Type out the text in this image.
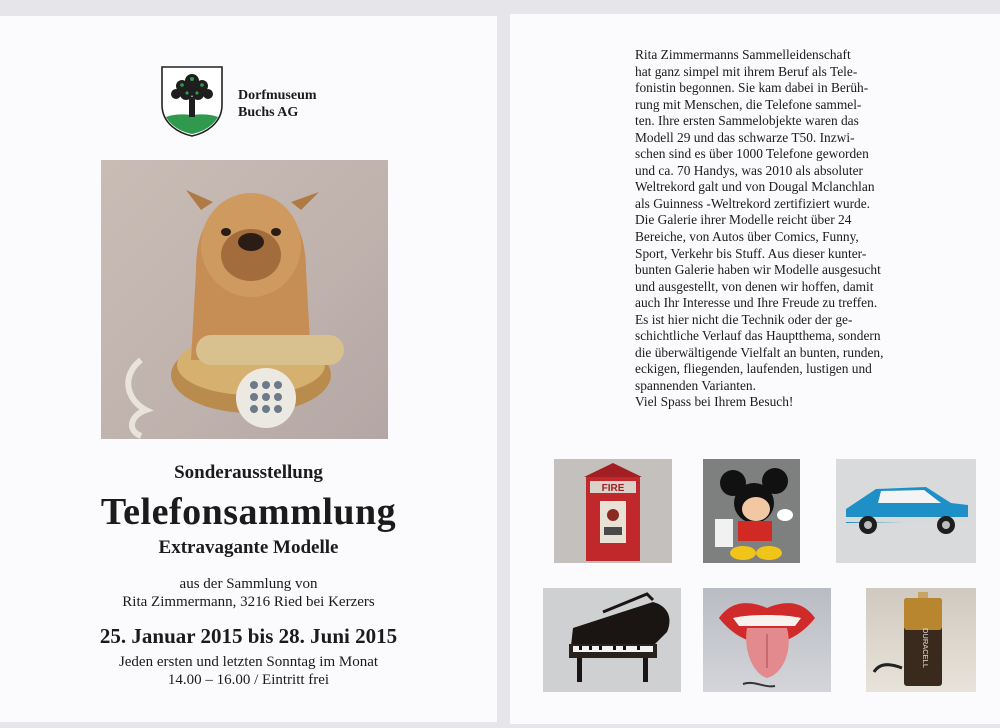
Dorfmuseum
Buchs AG
Sonderausstellung
Telefonsammlung
Extravagante Modelle
aus der Sammlung von
Rita Zimmermann, 3216 Ried bei Kerzers
25. Januar 2015 bis 28. Juni 2015
Jeden ersten und letzten Sonntag im Monat
14.00 – 16.00 / Eintritt frei
Rita Zimmermanns Sammelleidenschaft
hat ganz simpel mit ihrem Beruf als Tele-
fonistin begonnen. Sie kam dabei in Berüh-
rung mit Menschen, die Telefone sammel-
ten. Ihre ersten Sammelobjekte waren das
Modell 29 und das schwarze T50. Inzwi-
schen sind es über 1000 Telefone geworden
und ca. 70 Handys, was 2010 als absoluter
Weltrekord galt und von Dougal Mclanchlan
als Guinness -Weltrekord zertifiziert wurde.
Die Galerie ihrer Modelle reicht über 24
Bereiche, von Autos über Comics, Funny,
Sport, Verkehr bis Stuff. Aus dieser kunter-
bunten Galerie haben wir Modelle ausgesucht
und ausgestellt, von denen wir hoffen, damit
auch Ihr Interesse und Ihre Freude zu treffen.
Es ist hier nicht die Technik oder der ge-
schichtliche Verlauf das Hauptthema, sondern
die überwältigende Vielfalt an bunten, runden,
eckigen, fliegenden, laufenden, lustigen und
spannenden Varianten.
Viel Spass bei Ihrem Besuch!
FIRE
DURACELL
